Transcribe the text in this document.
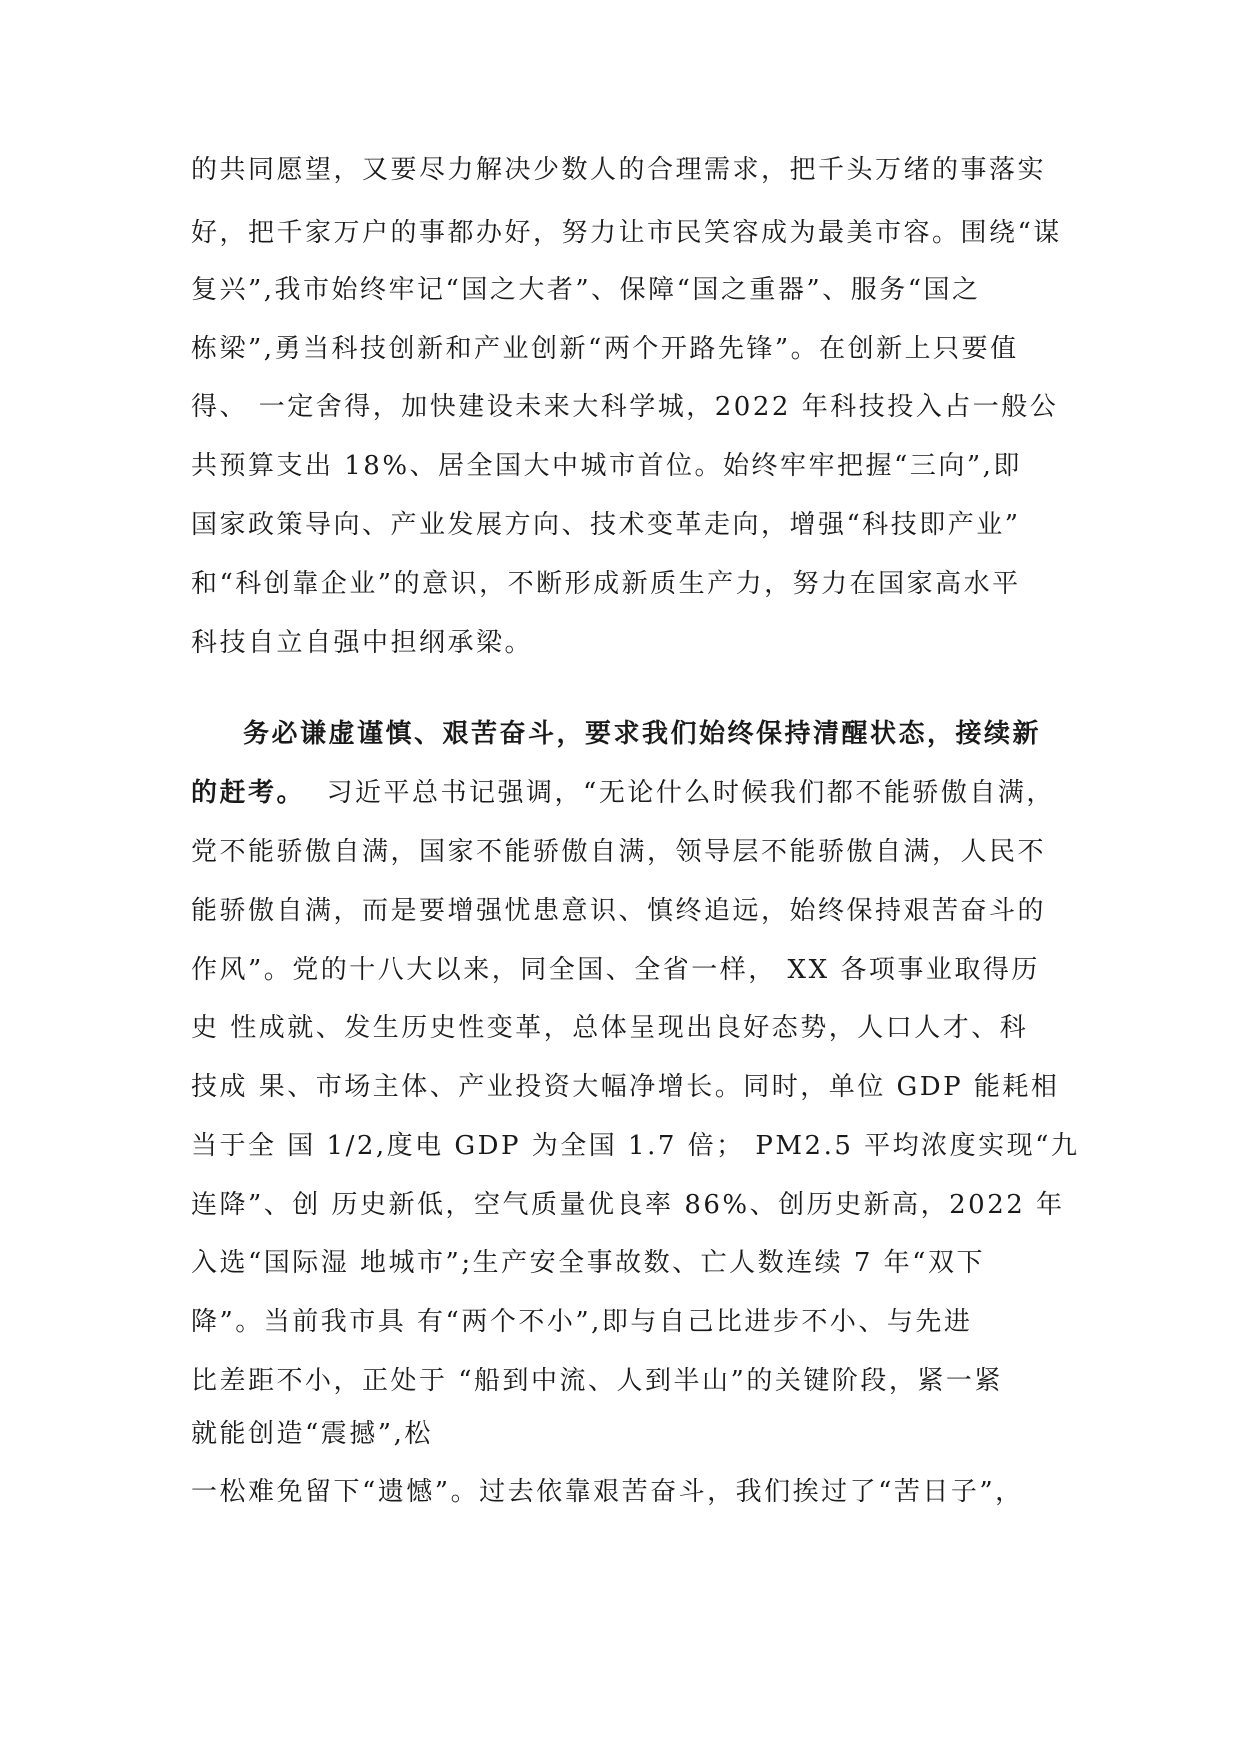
的共同愿望，又要尽力解决少数人的合理需求，把千头万绪的事落实
好，把千家万户的事都办好，努力让市民笑容成为最美市容。围绕“谋
复兴”,我市始终牢记“国之大者”、保障“国之重器”、服务“国之
栋梁”,勇当科技创新和产业创新“两个开路先锋”。在创新上只要值
得、 一定舍得，加快建设未来大科学城，2022 年科技投入占一般公
共预算支出 18%、居全国大中城市首位。始终牢牢把握“三向”,即
国家政策导向、产业发展方向、技术变革走向，增强“科技即产业”
和“科创靠企业”的意识，不断形成新质生产力，努力在国家高水平
科技自立自强中担纲承梁。
务必谦虚谨慎、艰苦奋斗，要求我们始终保持清醒状态，接续新
的赶考。  习近平总书记强调，“无论什么时候我们都不能骄傲自满，
党不能骄傲自满，国家不能骄傲自满，领导层不能骄傲自满，人民不
能骄傲自满，而是要增强忧患意识、慎终追远，始终保持艰苦奋斗的
作风”。党的十八大以来，同全国、全省一样， XX 各项事业取得历
史 性成就、发生历史性变革，总体呈现出良好态势，人口人才、科
技成 果、市场主体、产业投资大幅净增长。同时，单位 GDP 能耗相
当于全 国 1/2,度电 GDP 为全国 1.7 倍； PM2.5 平均浓度实现“九
连降”、创 历史新低，空气质量优良率 86%、创历史新高，2022 年
入选“国际湿 地城市”;生产安全事故数、亡人数连续 7 年“双下
降”。当前我市具 有“两个不小”,即与自己比进步不小、与先进
比差距不小，正处于 “船到中流、人到半山”的关键阶段，紧一紧
就能创造“震撼”,松
一松难免留下“遗憾”。过去依靠艰苦奋斗，我们挨过了“苦日子”，
